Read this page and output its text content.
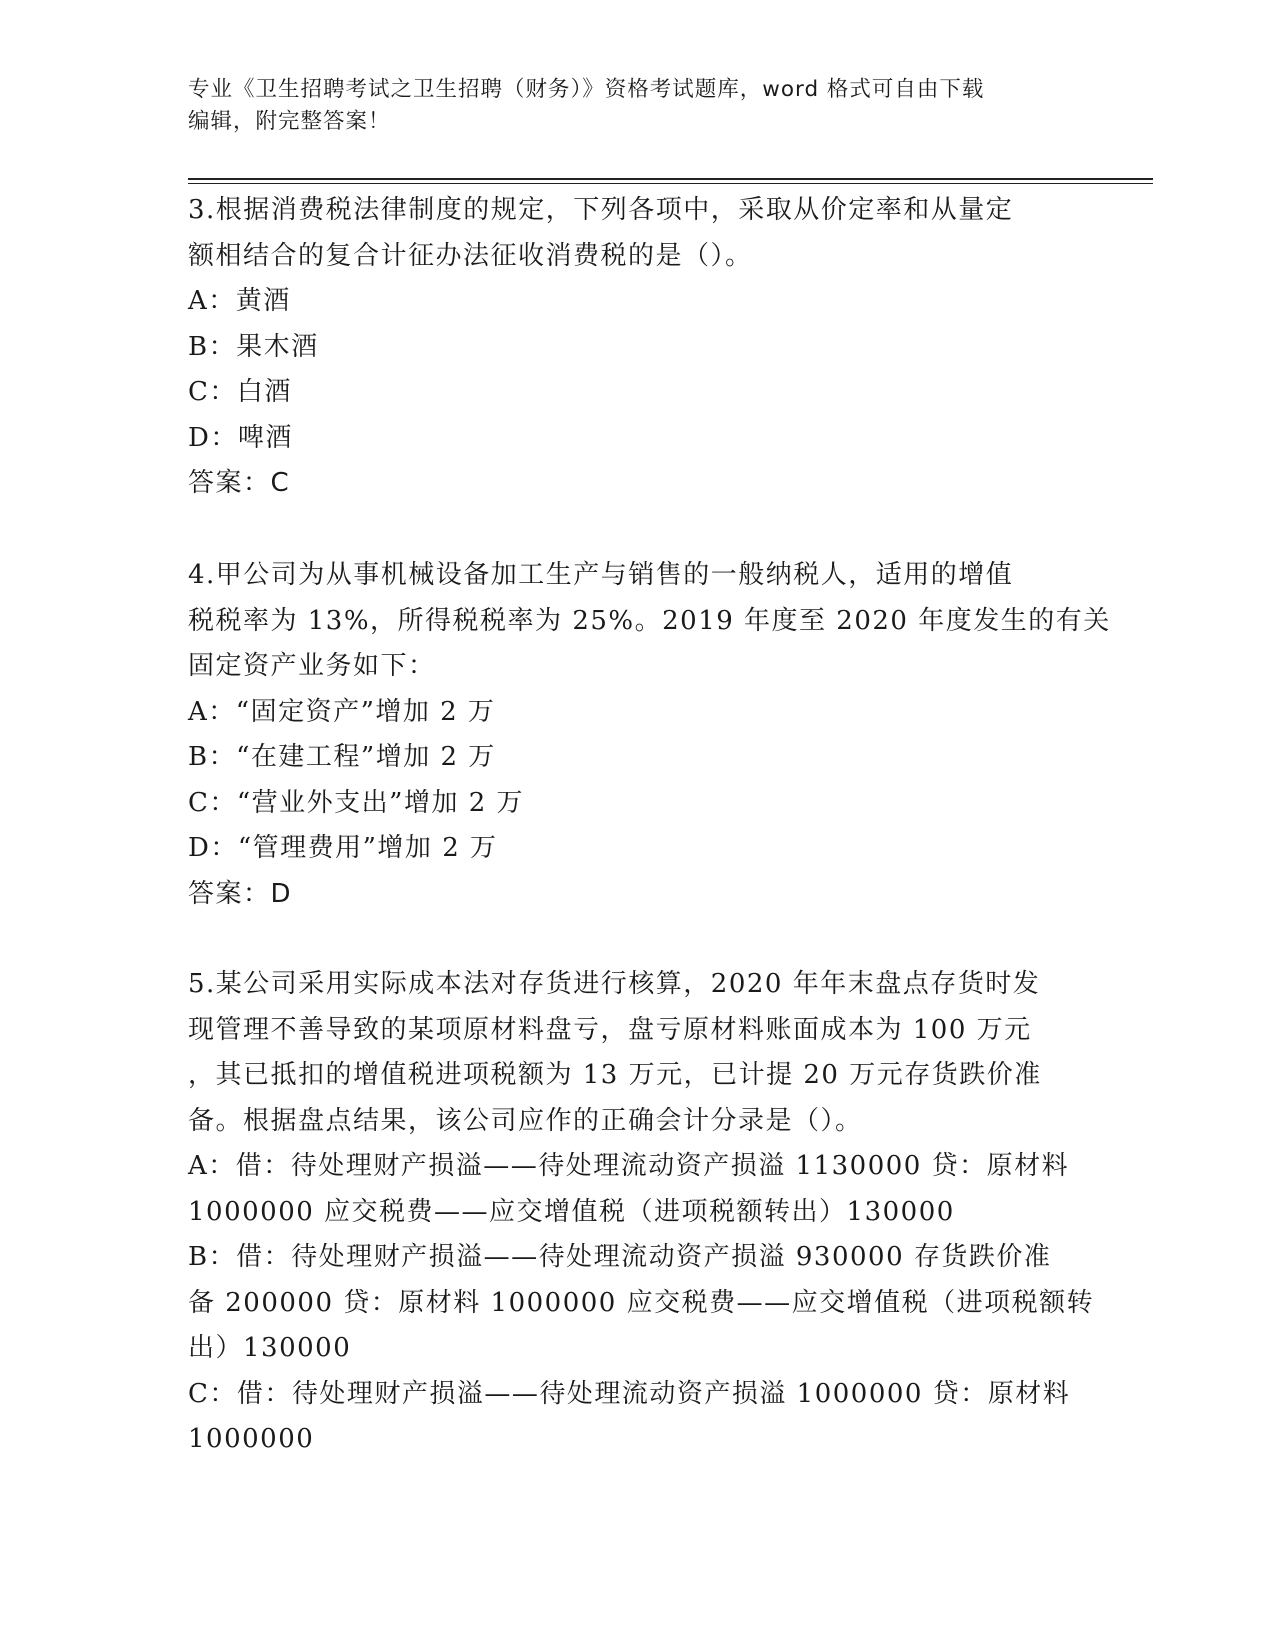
专业《卫生招聘考试之卫生招聘（财务）》资格考试题库，word 格式可自由下载
编辑，附完整答案！
3.根据消费税法律制度的规定，下列各项中，采取从价定率和从量定
额相结合的复合计征办法征收消费税的是（）。
A：黄酒
B：果木酒
C：白酒
D：啤酒
答案：C
4.甲公司为从事机械设备加工生产与销售的一般纳税人，适用的增值
税税率为 13%，所得税税率为 25%。2019 年度至 2020 年度发生的有关
固定资产业务如下：
A：“固定资产”增加 2 万
B：“在建工程”增加 2 万
C：“营业外支出”增加 2 万
D：“管理费用”增加 2 万
答案：D
5.某公司采用实际成本法对存货进行核算，2020 年年末盘点存货时发
现管理不善导致的某项原材料盘亏，盘亏原材料账面成本为 100 万元
，其已抵扣的增值税进项税额为 13 万元，已计提 20 万元存货跌价准
备。根据盘点结果，该公司应作的正确会计分录是（）。
A：借：待处理财产损溢——待处理流动资产损溢 1130000 贷：原材料
1000000 应交税费——应交增值税（进项税额转出）130000
B：借：待处理财产损溢——待处理流动资产损溢 930000 存货跌价准
备 200000 贷：原材料 1000000 应交税费——应交增值税（进项税额转
出）130000
C：借：待处理财产损溢——待处理流动资产损溢 1000000 贷：原材料
1000000
